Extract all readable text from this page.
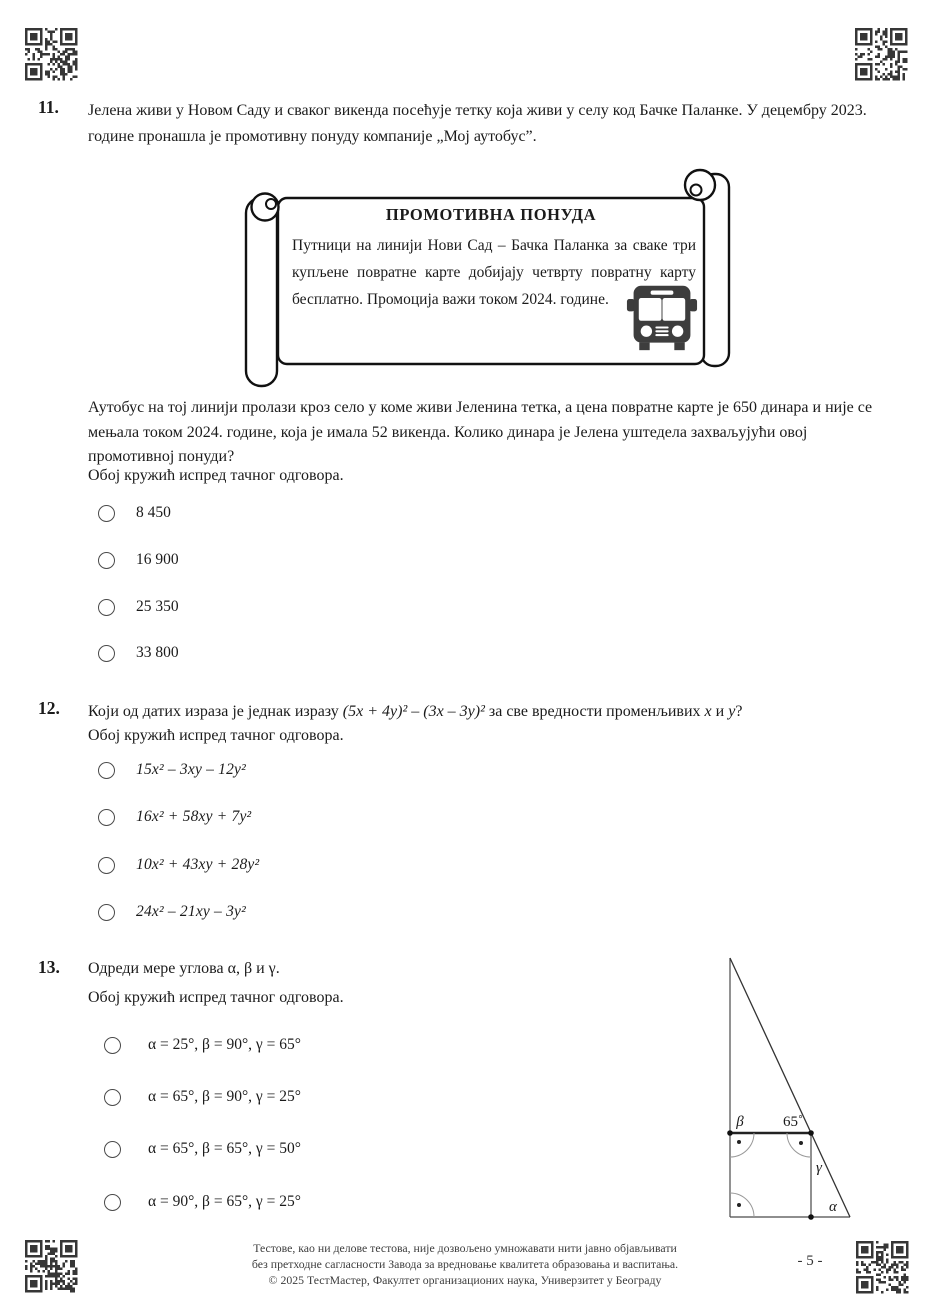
11. Јелена живи у Новом Саду и сваког викенда посећује тетку која живи у селу код Бачке Паланке. У децембру 2023. године пронашла је промотивну понуду компаније „Мој аутобус”.
ПРОМОТИВНА ПОНУДА
Путници на линији Нови Сад – Бачка Паланка за сваке три купљене повратне карте добијају четврту повратну карту бесплатно. Промоција важи током 2024. године.
Аутобус на тој линији пролази кроз село у коме живи Јеленина тетка, а цена повратне карте је 650 динара и није се мењала током 2024. године, која је имала 52 викенда. Колико динара је Јелена уштедела захваљујући овој промотивној понуди?
Обој кружић испред тачног одговора.
8 450
16 900
25 350
33 800
12. Који од датих израза је једнак изразу (5x + 4y)² – (3x – 3y)² за све вредности променљивих x и y?
Обој кружић испред тачног одговора.
15x² – 3xy – 12y²
16x² + 58xy + 7y²
10x² + 43xy + 28y²
24x² – 21xy – 3y²
13. Одреди мере углова α, β и γ.
Обој кружић испред тачног одговора.
α = 25°, β = 90°, γ = 65°
α = 65°, β = 90°, γ = 25°
α = 65°, β = 65°, γ = 50°
α = 90°, β = 65°, γ = 25°
β	65˚
γ
α
Тестове, као ни делове тестова, није дозвољено умножавати нити јавно објављивати
без претходне сагласности Завода за вредновање квалитета образовања и васпитања.
© 2025 ТестМастер, Факултет организационих наука, Универзитет у Београду
- 5 -
